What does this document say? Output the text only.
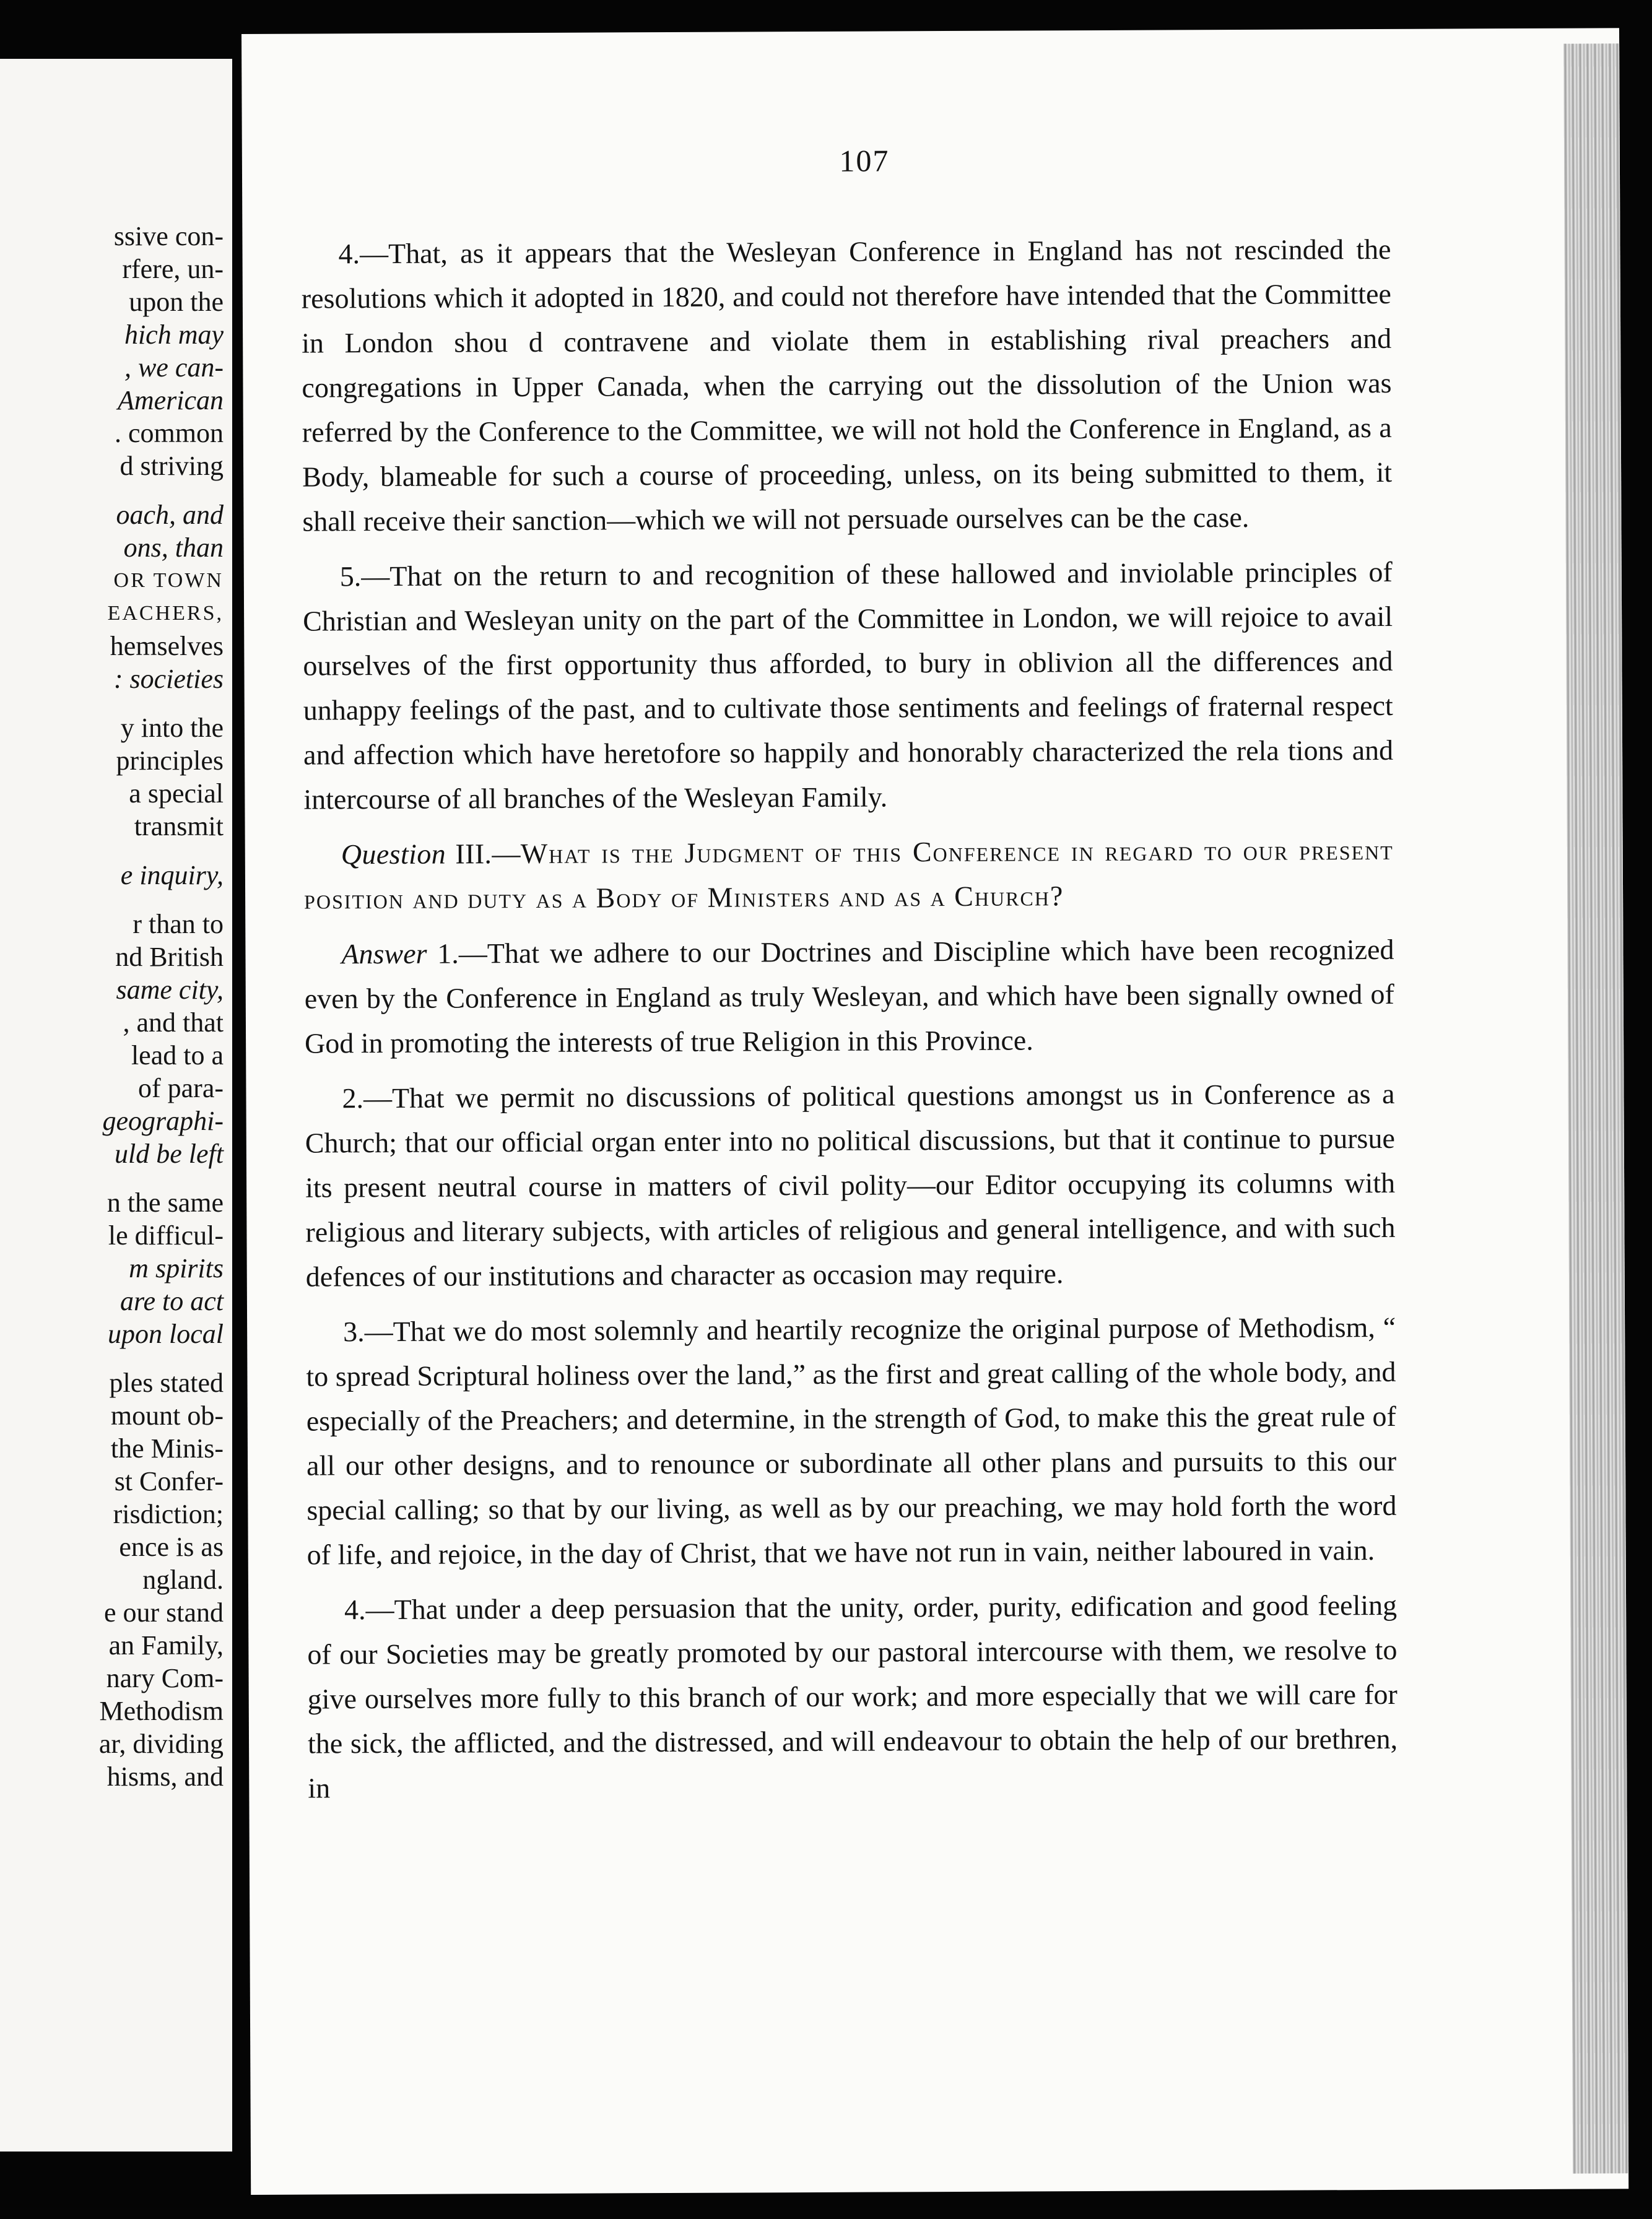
ssive con-
rfere, un-
upon the
hich may
, we can-
American
. common
d striving
oach, and
ons, than
OR TOWN
EACHERS,
hemselves
: societies
y into the
principles
a special
transmit
e inquiry,
r than to
nd British
same city,
, and that
lead to a
of para-
geographi-
uld be left
n the same
le difficul-
m spirits
are to act
upon local
ples stated
mount ob-
the Minis-
st Confer-
risdiction;
ence is as
ngland.
e our stand
an Family,
nary Com-
Methodism
ar, dividing
hisms, and
107

4.—That, as it appears that the Wesleyan Conference in England has not rescinded the resolutions which it adopted in 1820, and could not therefore have intended that the Committee in London shou d contravene and violate them in establishing rival preachers and congregations in Upper Canada, when the carrying out the dissolution of the Union was referred by the Conference to the Committee, we will not hold the Conference in England, as a Body, blameable for such a course of proceeding, unless, on its being submitted to them, it shall receive their sanction—which we will not persuade ourselves can be the case.

5.—That on the return to and recognition of these hallowed and inviolable principles of Christian and Wesleyan unity on the part of the Committee in London, we will rejoice to avail ourselves of the first opportunity thus afforded, to bury in oblivion all the differences and unhappy feelings of the past, and to cultivate those sentiments and feelings of fraternal respect and affection which have heretofore so happily and honorably characterized the rela tions and intercourse of all branches of the Wesleyan Family.

Question III.—What is the Judgment of this Conference in regard to our present position and duty as a Body of Ministers and as a Church?

Answer 1.—That we adhere to our Doctrines and Discipline which have been recognized even by the Conference in England as truly Wesleyan, and which have been signally owned of God in promoting the interests of true Religion in this Province.

2.—That we permit no discussions of political questions amongst us in Conference as a Church; that our official organ enter into no political discussions, but that it continue to pursue its present neutral course in matters of civil polity—our Editor occupying its columns with religious and literary subjects, with articles of religious and general intelligence, and with such defences of our institutions and character as occasion may require.

3.—That we do most solemnly and heartily recognize the original purpose of Methodism, “ to spread Scriptural holiness over the land,” as the first and great calling of the whole body, and especially of the Preachers; and determine, in the strength of God, to make this the great rule of all our other designs, and to renounce or subordinate all other plans and pursuits to this our special calling; so that by our living, as well as by our preaching, we may hold forth the word of life, and rejoice, in the day of Christ, that we have not run in vain, neither laboured in vain.

4.—That under a deep persuasion that the unity, order, purity, edification and good feeling of our Societies may be greatly promoted by our pastoral intercourse with them, we resolve to give ourselves more fully to this branch of our work; and more especially that we will care for the sick, the afflicted, and the distressed, and will endeavour to obtain the help of our brethren, in
